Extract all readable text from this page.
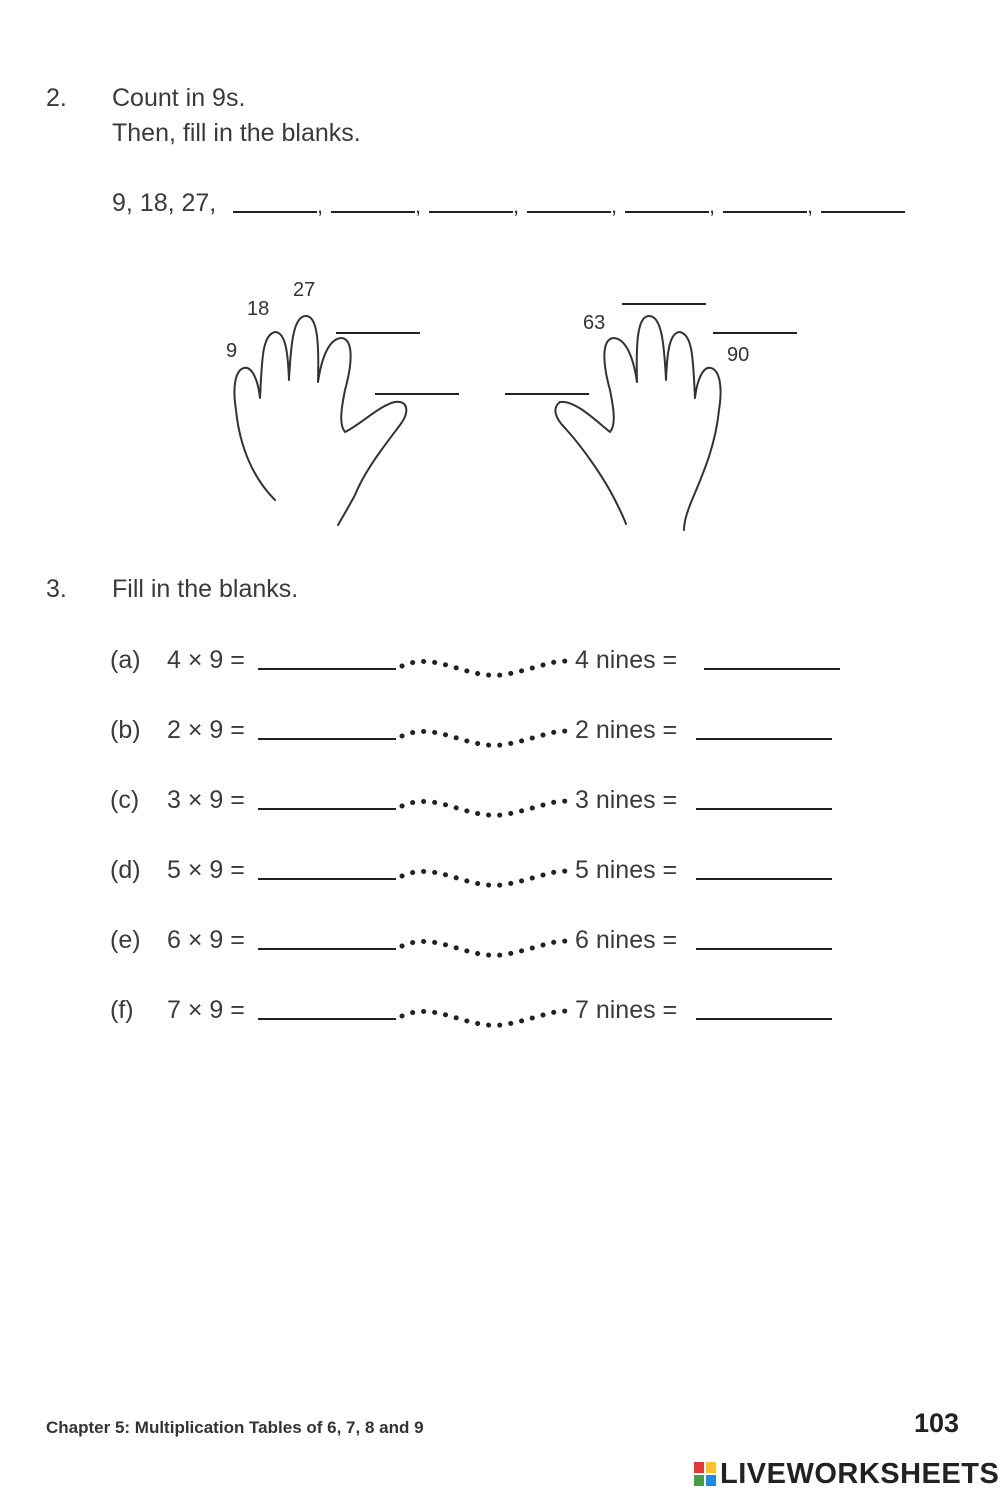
2. Count in 9s.
Then, fill in the blanks.
9, 18, 27,	,	,	,	,	,	,
9
18
27
63
90
3. Fill in the blanks.
(a) 4 × 9 =	4 nines =
(b) 2 × 9 =	2 nines =
(c) 3 × 9 =	3 nines =
(d) 5 × 9 =	5 nines =
(e) 6 × 9 =	6 nines =
(f) 7 × 9 =	7 nines =
Chapter 5: Multiplication Tables of 6, 7, 8 and 9	103
LIVEWORKSHEETS
